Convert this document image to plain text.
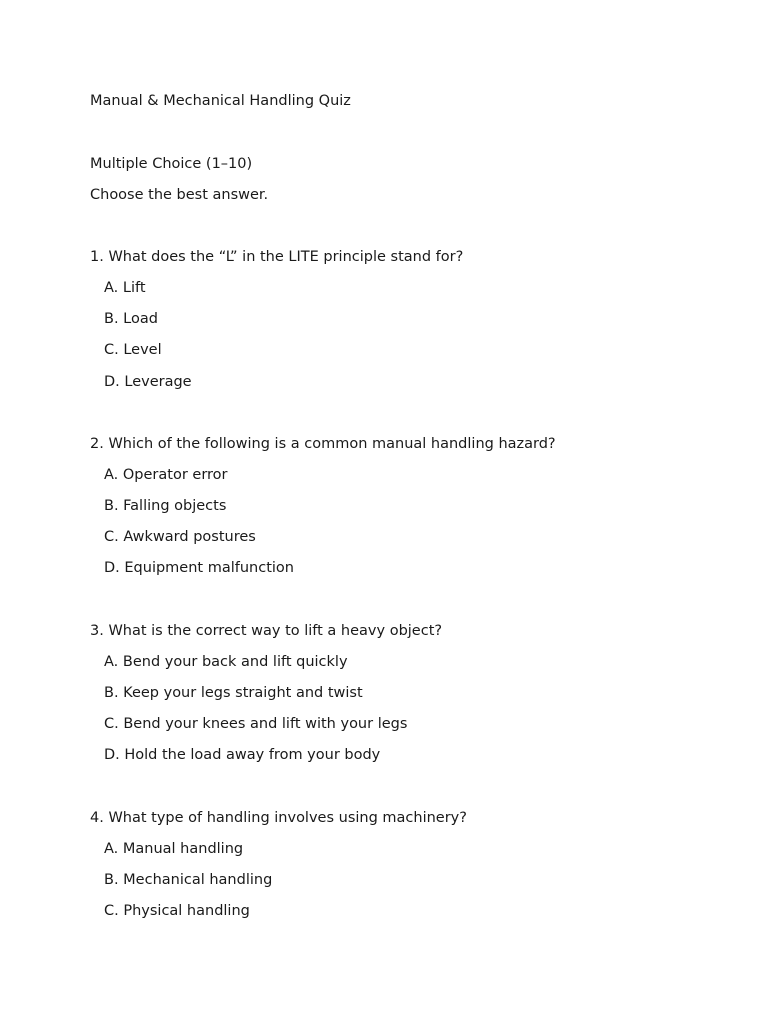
Manual & Mechanical Handling Quiz
Multiple Choice (1–10)
Choose the best answer.
1. What does the “L” in the LITE principle stand for?
A. Lift
B. Load
C. Level
D. Leverage
2. Which of the following is a common manual handling hazard?
A. Operator error
B. Falling objects
C. Awkward postures
D. Equipment malfunction
3. What is the correct way to lift a heavy object?
A. Bend your back and lift quickly
B. Keep your legs straight and twist
C. Bend your knees and lift with your legs
D. Hold the load away from your body
4. What type of handling involves using machinery?
A. Manual handling
B. Mechanical handling
C. Physical handling
